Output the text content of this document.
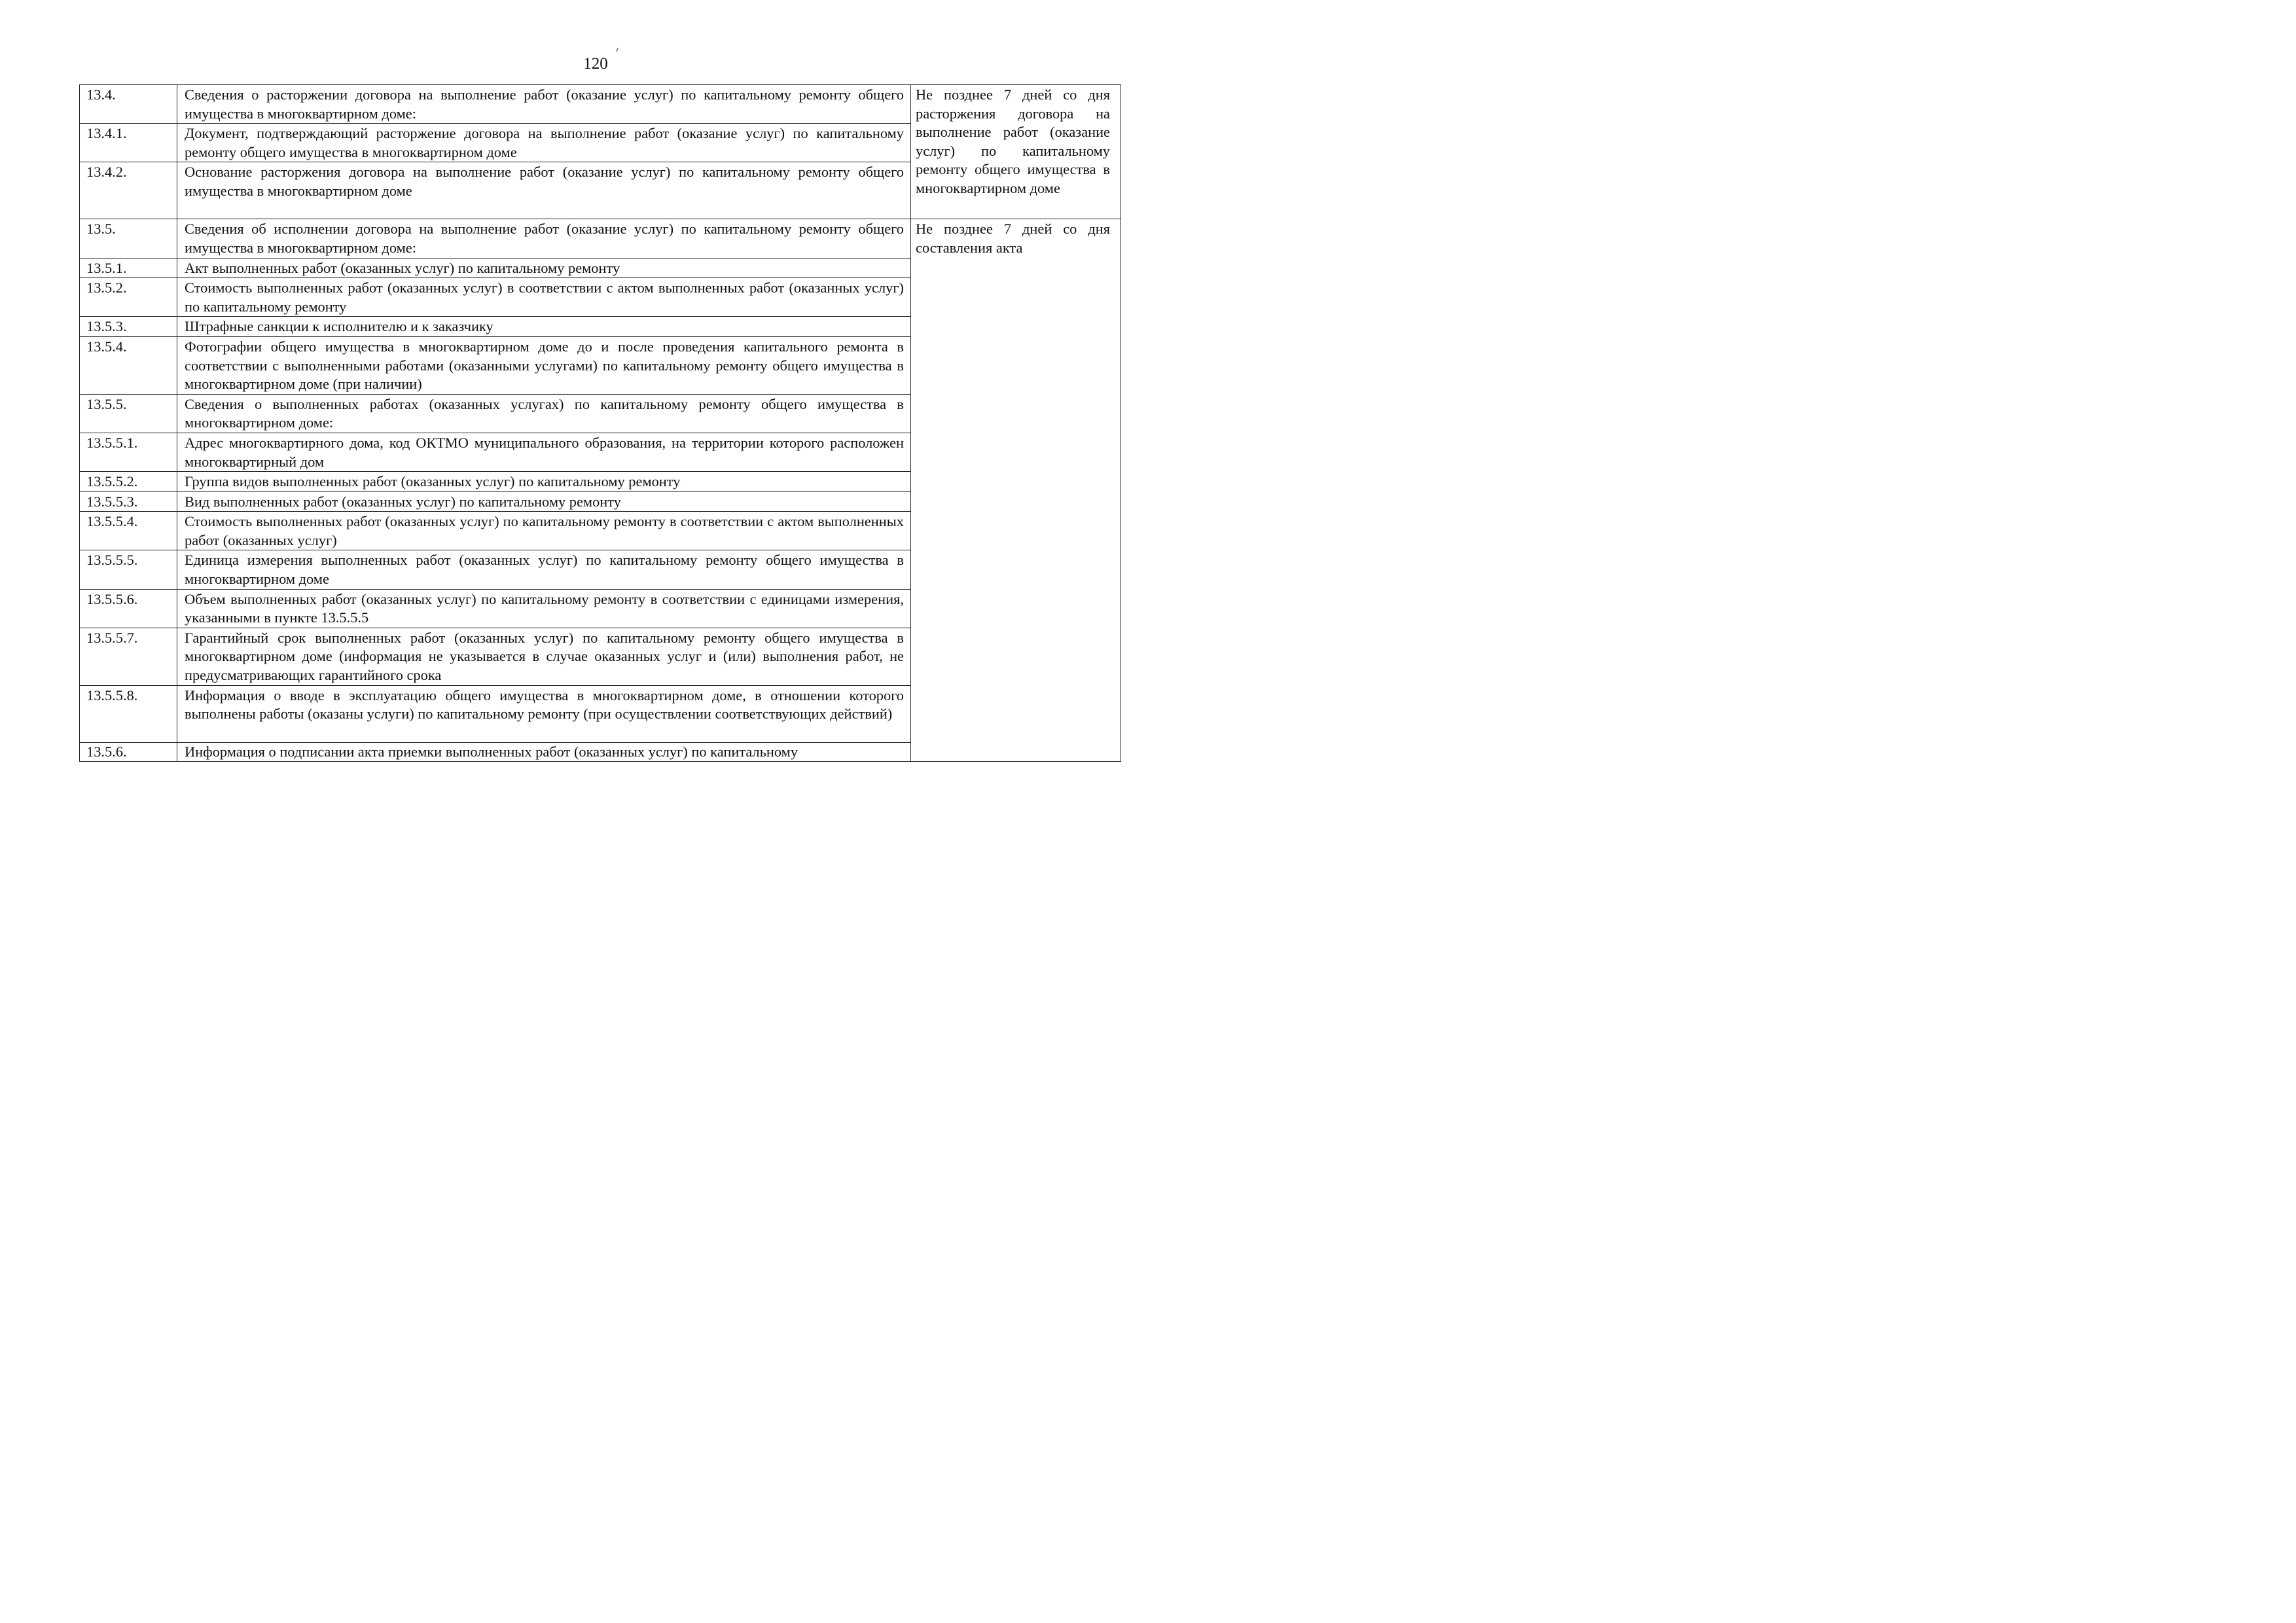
120
13.4.	Сведения о расторжении договора на выполнение работ (оказание услуг) по капитальному ремонту общего имущества в многоквартирном доме:	Не позднее 7 дней со дня расторжения договора на выполнение работ (оказание услуг) по капитальному ремонту общего имущества в многоквартирном доме
13.4.1.	Документ, подтверждающий расторжение договора на выполнение работ (оказание услуг) по капитальному ремонту общего имущества в многоквартирном доме	
13.4.2.	Основание расторжения договора на выполнение работ (оказание услуг) по капитальному ремонту общего имущества в многоквартирном доме	
13.5.	Сведения об исполнении договора на выполнение работ (оказание услуг) по капитальному ремонту общего имущества в многоквартирном доме:	Не позднее 7 дней со дня составления акта
13.5.1.	Акт выполненных работ (оказанных услуг) по капитальному ремонту	
13.5.2.	Стоимость выполненных работ (оказанных услуг) в соответствии с актом выполненных работ (оказанных услуг) по капитальному ремонту	
13.5.3.	Штрафные санкции к исполнителю и к заказчику	
13.5.4.	Фотографии общего имущества в многоквартирном доме до и после проведения капитального ремонта в соответствии с выполненными работами (оказанными услугами) по капитальному ремонту общего имущества в многоквартирном доме (при наличии)	
13.5.5.	Сведения о выполненных работах (оказанных услугах) по капитальному ремонту общего имущества в многоквартирном доме:	
13.5.5.1.	Адрес многоквартирного дома, код ОКТМО муниципального образования, на территории которого расположен многоквартирный дом	
13.5.5.2.	Группа видов выполненных работ (оказанных услуг) по капитальному ремонту	
13.5.5.3.	Вид выполненных работ (оказанных услуг) по капитальному ремонту	
13.5.5.4.	Стоимость выполненных работ (оказанных услуг) по капитальному ремонту в соответствии с актом выполненных работ (оказанных услуг)	
13.5.5.5.	Единица измерения выполненных работ (оказанных услуг) по капитальному ремонту общего имущества в многоквартирном доме	
13.5.5.6.	Объем выполненных работ (оказанных услуг) по капитальному ремонту в соответствии с единицами измерения, указанными в пункте 13.5.5.5	
13.5.5.7.	Гарантийный срок выполненных работ (оказанных услуг) по капитальному ремонту общего имущества в многоквартирном доме (информация не указывается в случае оказанных услуг и (или) выполнения работ, не предусматривающих гарантийного срока	
13.5.5.8.	Информация о вводе в эксплуатацию общего имущества в многоквартирном доме, в отношении которого выполнены работы (оказаны услуги) по капитальному ремонту (при осуществлении соответствующих действий)	
13.5.6.	Информация о подписании акта приемки выполненных работ (оказанных услуг) по капитальному	
